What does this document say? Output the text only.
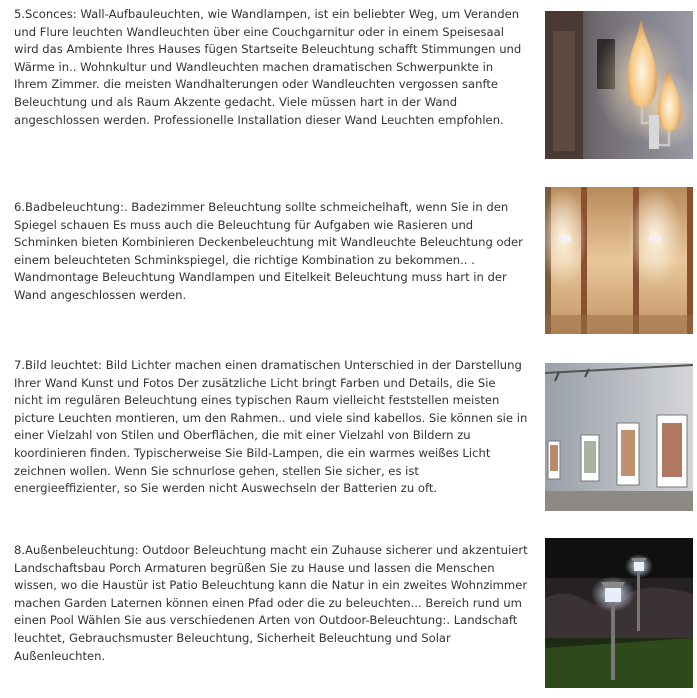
5.Sconces: Wall-Aufbauleuchten, wie Wandlampen, ist ein beliebter Weg, um Veranden und Flure leuchten Wandleuchten über eine Couchgarnitur oder in einem Speisesaal wird das Ambiente Ihres Hauses fügen Startseite Beleuchtung schafft Stimmungen und Wärme in.. Wohnkultur und Wandleuchten machen dramatischen Schwerpunkte in Ihrem Zimmer. die meisten Wandhalterungen oder Wandleuchten vergossen sanfte Beleuchtung und als Raum Akzente gedacht. Viele müssen hart in der Wand angeschlossen werden. Professionelle Installation dieser Wand Leuchten empfohlen.

6.Badbeleuchtung:. Badezimmer Beleuchtung sollte schmeichelhaft, wenn Sie in den Spiegel schauen Es muss auch die Beleuchtung für Aufgaben wie Rasieren und Schminken bieten Kombinieren Deckenbeleuchtung mit Wandleuchte Beleuchtung oder einem beleuchteten Schminkspiegel, die richtige Kombination zu bekommen.. . Wandmontage Beleuchtung Wandlampen und Eitelkeit Beleuchtung muss hart in der Wand angeschlossen werden.

7.Bild leuchtet: Bild Lichter machen einen dramatischen Unterschied in der Darstellung Ihrer Wand Kunst und Fotos Der zusätzliche Licht bringt Farben und Details, die Sie nicht im regulären Beleuchtung eines typischen Raum vielleicht feststellen meisten picture Leuchten montieren, um den Rahmen.. und viele sind kabellos. Sie können sie in einer Vielzahl von Stilen und Oberflächen, die mit einer Vielzahl von Bildern zu koordinieren finden. Typischerweise Sie Bild-Lampen, die ein warmes weißes Licht zeichnen wollen. Wenn Sie schnurlose gehen, stellen Sie sicher, es ist energieeffizienter, so Sie werden nicht Auswechseln der Batterien zu oft.

8.Außenbeleuchtung: Outdoor Beleuchtung macht ein Zuhause sicherer und akzentuiert Landschaftsbau Porch Armaturen begrüßen Sie zu Hause und lassen die Menschen wissen, wo die Haustür ist Patio Beleuchtung kann die Natur in ein zweites Wohnzimmer machen Garden Laternen können einen Pfad oder die zu beleuchten... Bereich rund um einen Pool Wählen Sie aus verschiedenen Arten von Outdoor-Beleuchtung:. Landschaft leuchtet, Gebrauchsmuster Beleuchtung, Sicherheit Beleuchtung und Solar Außenleuchten.
